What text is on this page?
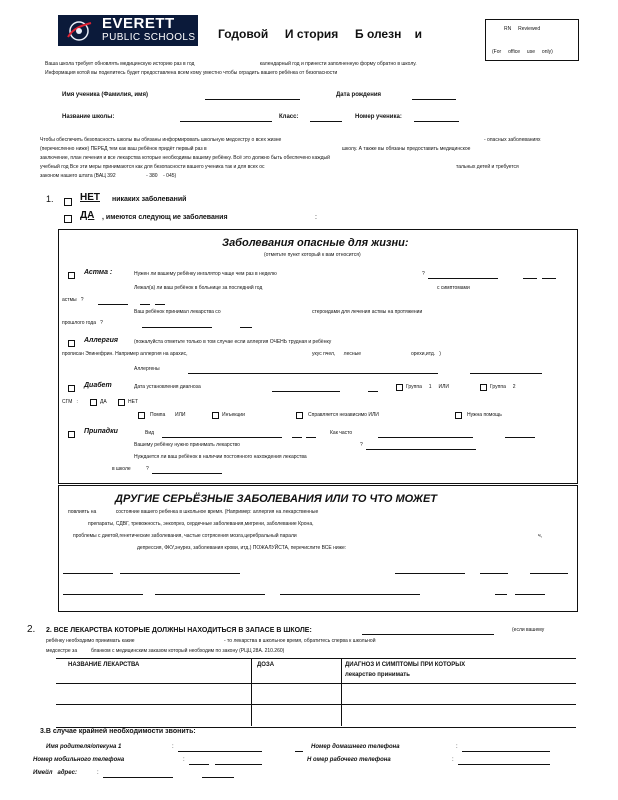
EVERETT
PUBLIC SCHOOLS Годовой     И стория     Б олезн    и	RN     Reviewed
(For     office     use     only)
Ваша школа требует обновлять медицинскую историю раз в год                                               календарный год и принести заполненную форму обратно в школу.
Информация котой вы поделитесь будет предоставлена всем кому уместно чтобы оградить вашего ребёнка от безопасности
Имя ученика (Фамилия, имя)	Дата рождения
Название школы:	Класс:	Номер ученика:
Чтобы обеспечить безопасность школы вы обязаны информировать школьную медсестру о всех жизне	- опасных заболеваниях
(перечисленно ниже) ПЕРЕД тем как ваш ребёнок придёт первый раз в	школу. А также вы обязаны предоставить медицинское
заключение, план лечения и все лекарства которые необходимы вашему ребёнку. Всё это должно быть обеспечено каждый
учебный год Все эти меры принимаются как для безопасности вашего ученика так и для всех ос	тальных детей и требуется
законом нашего штата (ВАЦ 392                      - 380    - 045)
1.	НЕТ никаких заболеваний
ДА , имеются следующ ие заболевания	:
Заболевания опасные для жизни:
(отметьте пункт который к вам относится)
Астма :	Нужен ли вашему ребёнку ингалятор чаще чем раз в неделю	?
Лежал(а) ли ваш ребёнок в больнице за последний год	с симптомами
астмы   ?
Ваш ребёнок принимал лекарства со	стероидами для лечения астмы на протяжении
прошлого года   ?
Аллергия	(пожалуйста отметьте только в том случае если аллергия ОЧЕНЬ трудная и ребёнку
прописан Эпинефрин. Например аллергия на арахис,	укус пчел,      лесные	орехи,итд.   )
Аллергены
Диабет	Дата установления диагноза	Группа     1     ИЛИ	Группа     2
СГМ   :	ДА	НЕТ
Помпа       ИЛИ	Инъекции	Справляется независимо ИЛИ	Нужна помощь
Припадки	Вид	Как часто
Вашему ребёнку нужно принимать лекарство	?
Нуждается ли ваш ребёнок в наличии постоянного нахождения лекарства
в школе	?
ДРУГИЕ СЕРЬЁЗНЫЕ ЗАБОЛЕВАНИЯ ИЛИ ТО ЧТО МОЖЕТ
повлиять на              состояние вашего ребенка в школьное время. (Например: аллергия на лекарственные
препараты, СДВГ, тревожность, энкопрез, сердечные заболевания,мигрени, заболевание Крона,
проблемы с диетой,генетические заболевания, частые сотрясения мозга,церебральный парали	ч,
депрессия, ФКУ,энурез, заболевания крови, итд.) ПОЖАЛУЙСТА, перечислите ВСЕ ниже:
2. 2. ВСЕ ЛЕКАРСТВА КОТОРЫЕ ДОЛЖНЫ НАХОДИТЬСЯ В ЗАПАСЕ В ШКОЛЕ:	(если вашему
ребёнку необходимо принимать какие	- то лекарства в школьное время, обратитесь сперва к школьной
медсестре за          бланком с медицинским заказом который необходим по закону (РЦЦ 28А. 210.260)
НАЗВАНИЕ ЛЕКАРСТВА	ДОЗА	ДИАГНОЗ И СИМПТОМЫ ПРИ КОТОРЫХ
лекарство принимать
3.В случае крайней необходимости звонить:
Имя родителя/опекуна 1	:	Номер домашнего телефона	:
Номер мобильного телефона	:	Н омер рабочего телефона	:
Имейл   адрес:	:
